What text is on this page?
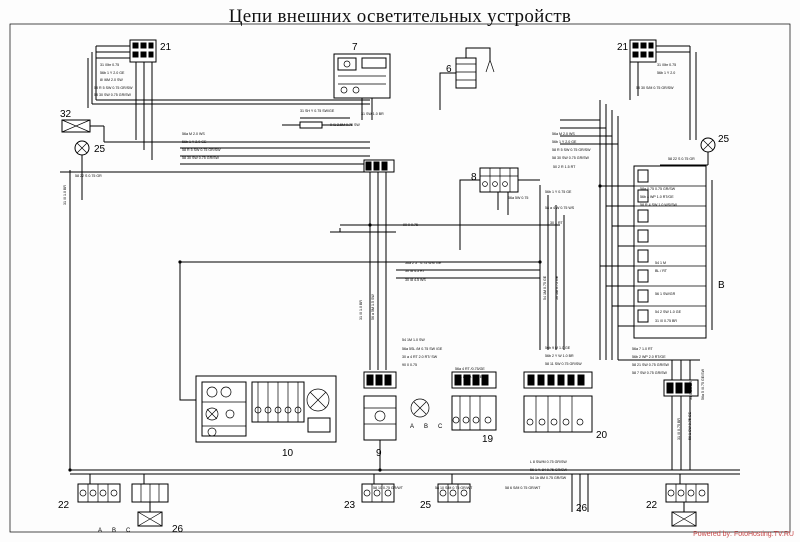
Цепи внешних осветительных устройств
21
32
25
7
6
21
25
8
B
10	9
19
A B C
20
22
26
A B C
23	25	26	22
31 /0br 0.75
56b 1 Y 2.0 GE
8/ /6M 2.0 SW
58 R 5 SW 0.75 GR/SW
58 30 SW 0.75 GR/SW
56a M 2.0 WS
56b 1 Y 2.0 GE
58 R 5 SW 0.75 GR/SW
58 30 SW 0.75 GR/SW
58 22 S 0.75 GR
31 /0 1.0 BR
31 SH Y 0.75 SW/GE
0 /1 2.5M 0.75 SW
31 SW 1.0 BR
56a M 2.0 WS
56b 1 Y 2.0 GE
58 R 5 SW 0.75 GR/SW
58 30 SW 0.75 GR/SW	58 22 S 0.75 GR
58 30 S/M 0.75 GR/SW
31 /0br 0.75
56b 1 Y 2.0
50 2 R 1.5 RT
56b 1 Y 0.75 GE
58 a 4 W 0.75 WS
30 1 RT
56a 5W 0.75
90 0 0.75
56a 2 5 " 0.75 WS/ GE
30 /8 4.5 RT
30 /8 4.5 WS	54 1M 0.75 GE 56 1M 0.75 GE
31 /0 1.0 BR 56 a 5M 1.5 SW
54 1M 1.0 SW
56a 5SL /M 0.75 SW /GE
30 a 4 RT 2.0 RT/ SW
90 0 0.75
56a 4 RT /0.75/GE
31 1 8M 0.75 GE
56b 9 M 1.0 GE
56b 2 Y W 1.0 BR
58 11 SW 0.75 GR/SW
58a 0.75 0.75 GR/SW
56b 4 WP 1.0 RT/GE
58 R 4 SW 1.0 WS/SW
54 1 M
BL / RT
56 1 SW/GR
54 2 SW 1.0 GE
31 /0 0.75 BR
56a 7 1.0 RT
56b 2 WP 2.0 RT/GE
58 21 SW 0.75 GR/SW
58 7 SW 0.75 GR/SW
31 0 1.0 BR 56a 5 /0.75 GE/SW
31 /0 0.75 BR 56 1 SW 0.75 GE
L 8 SW/M 0.75 GR/SW
56 1 Y. 84 0.75 GR/SW
54 1b 8M 0.75 GR/SW
58 10 0.75 GR/WT	58 10 S/M 0.75 GR/WT	58 6 S/M 0.75 GR/WT
Powered by: FotoHosting.TV.RU
